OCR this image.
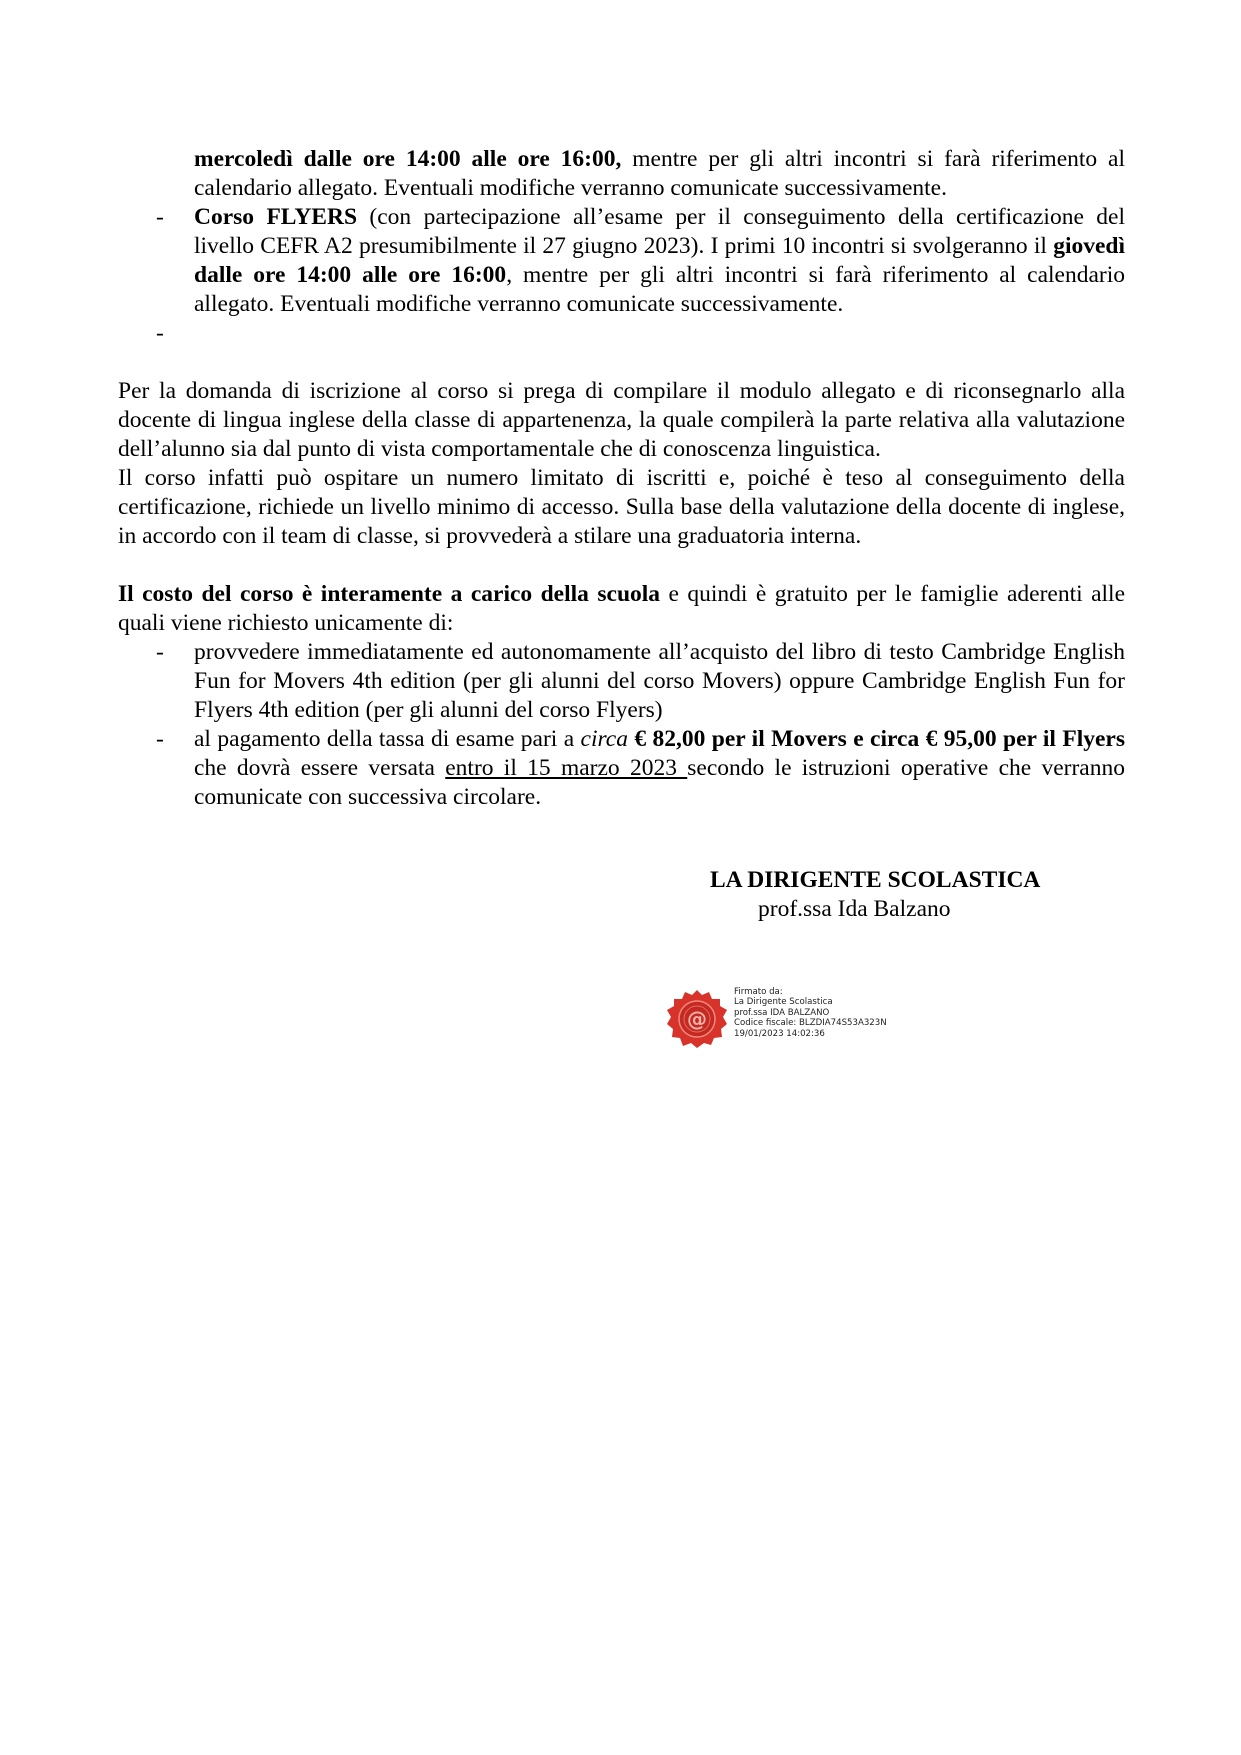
mercoledì dalle ore 14:00 alle ore 16:00, mentre per gli altri incontri si farà riferimento al calendario allegato. Eventuali modifiche verranno comunicate successivamente.
-	Corso FLYERS (con partecipazione all’esame per il conseguimento della certificazione del livello CEFR A2 presumibilmente il 27 giugno 2023). I primi 10 incontri si svolgeranno il giovedì dalle ore 14:00 alle ore 16:00, mentre per gli altri incontri si farà riferimento al calendario allegato. Eventuali modifiche verranno comunicate successivamente.
-

Per la domanda di iscrizione al corso si prega di compilare il modulo allegato e di riconsegnarlo alla docente di lingua inglese della classe di appartenenza, la quale compilerà la parte relativa alla valutazione dell’alunno sia dal punto di vista comportamentale che di conoscenza linguistica.

Il corso infatti può ospitare un numero limitato di iscritti e, poiché è teso al conseguimento della certificazione, richiede un livello minimo di accesso. Sulla base della valutazione della docente di inglese, in accordo con il team di classe, si provvederà a stilare una graduatoria interna.

Il costo del corso è interamente a carico della scuola e quindi è gratuito per le famiglie aderenti alle quali viene richiesto unicamente di:

-	provvedere immediatamente ed autonomamente all’acquisto del libro di testo Cambridge English Fun for Movers 4th edition (per gli alunni del corso Movers) oppure Cambridge English Fun for Flyers 4th edition (per gli alunni del corso Flyers)
-	al pagamento della tassa di esame pari a circa € 82,00 per il Movers e circa € 95,00 per il Flyers che dovrà essere versata entro il 15 marzo 2023 secondo le istruzioni operative che verranno comunicate con successiva circolare.

LA DIRIGENTE SCOLASTICA

prof.ssa Ida Balzano

@
Firmato da:
La Dirigente Scolastica
prof.ssa IDA BALZANO
Codice fiscale: BLZDIA74S53A323N
19/01/2023 14:02:36
